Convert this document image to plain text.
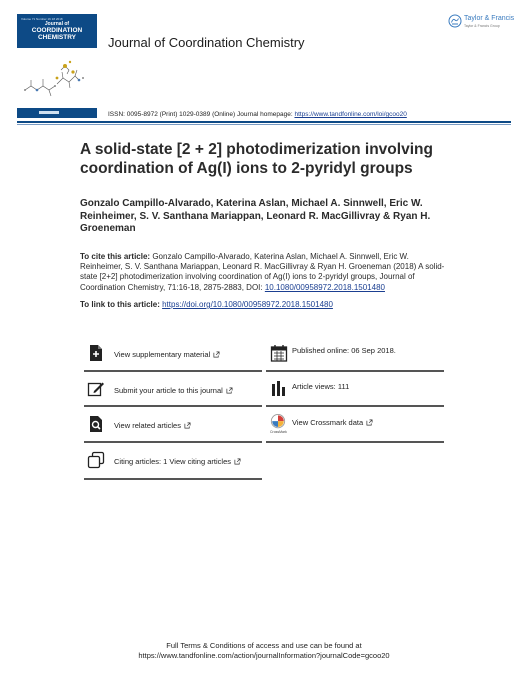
Volume 71 Number 16 18 2018
Journal of
COORDINATION
CHEMISTRY	Journal of Coordination Chemistry
Taylor & Francis
Taylor & Francis Group
ISSN: 0095-8972 (Print) 1029-0389 (Online) Journal homepage: https://www.tandfonline.com/loi/gcoo20
A solid-state [2 + 2] photodimerization involving coordination of Ag(I) ions to 2-pyridyl groups
Gonzalo Campillo-Alvarado, Katerina Aslan, Michael A. Sinnwell, Eric W. Reinheimer, S. V. Santhana Mariappan, Leonard R. MacGillivray & Ryan H. Groeneman
To cite this article: Gonzalo Campillo-Alvarado, Katerina Aslan, Michael A. Sinnwell, Eric W. Reinheimer, S. V. Santhana Mariappan, Leonard R. MacGillivray & Ryan H. Groeneman (2018) A solid-state [2+2] photodimerization involving coordination of Ag(I) ions to 2-pyridyl groups, Journal of Coordination Chemistry, 71:16-18, 2875-2883, DOI: 10.1080/00958972.2018.1501480
To link to this article: https://doi.org/10.1080/00958972.2018.1501480
View supplementary material
Submit your article to this journal
View related articles
Citing articles: 1 View citing articles
Published online: 06 Sep 2018.
Article views: 111
CrossMark
View Crossmark data
Full Terms & Conditions of access and use can be found at
https://www.tandfonline.com/action/journalInformation?journalCode=gcoo20
